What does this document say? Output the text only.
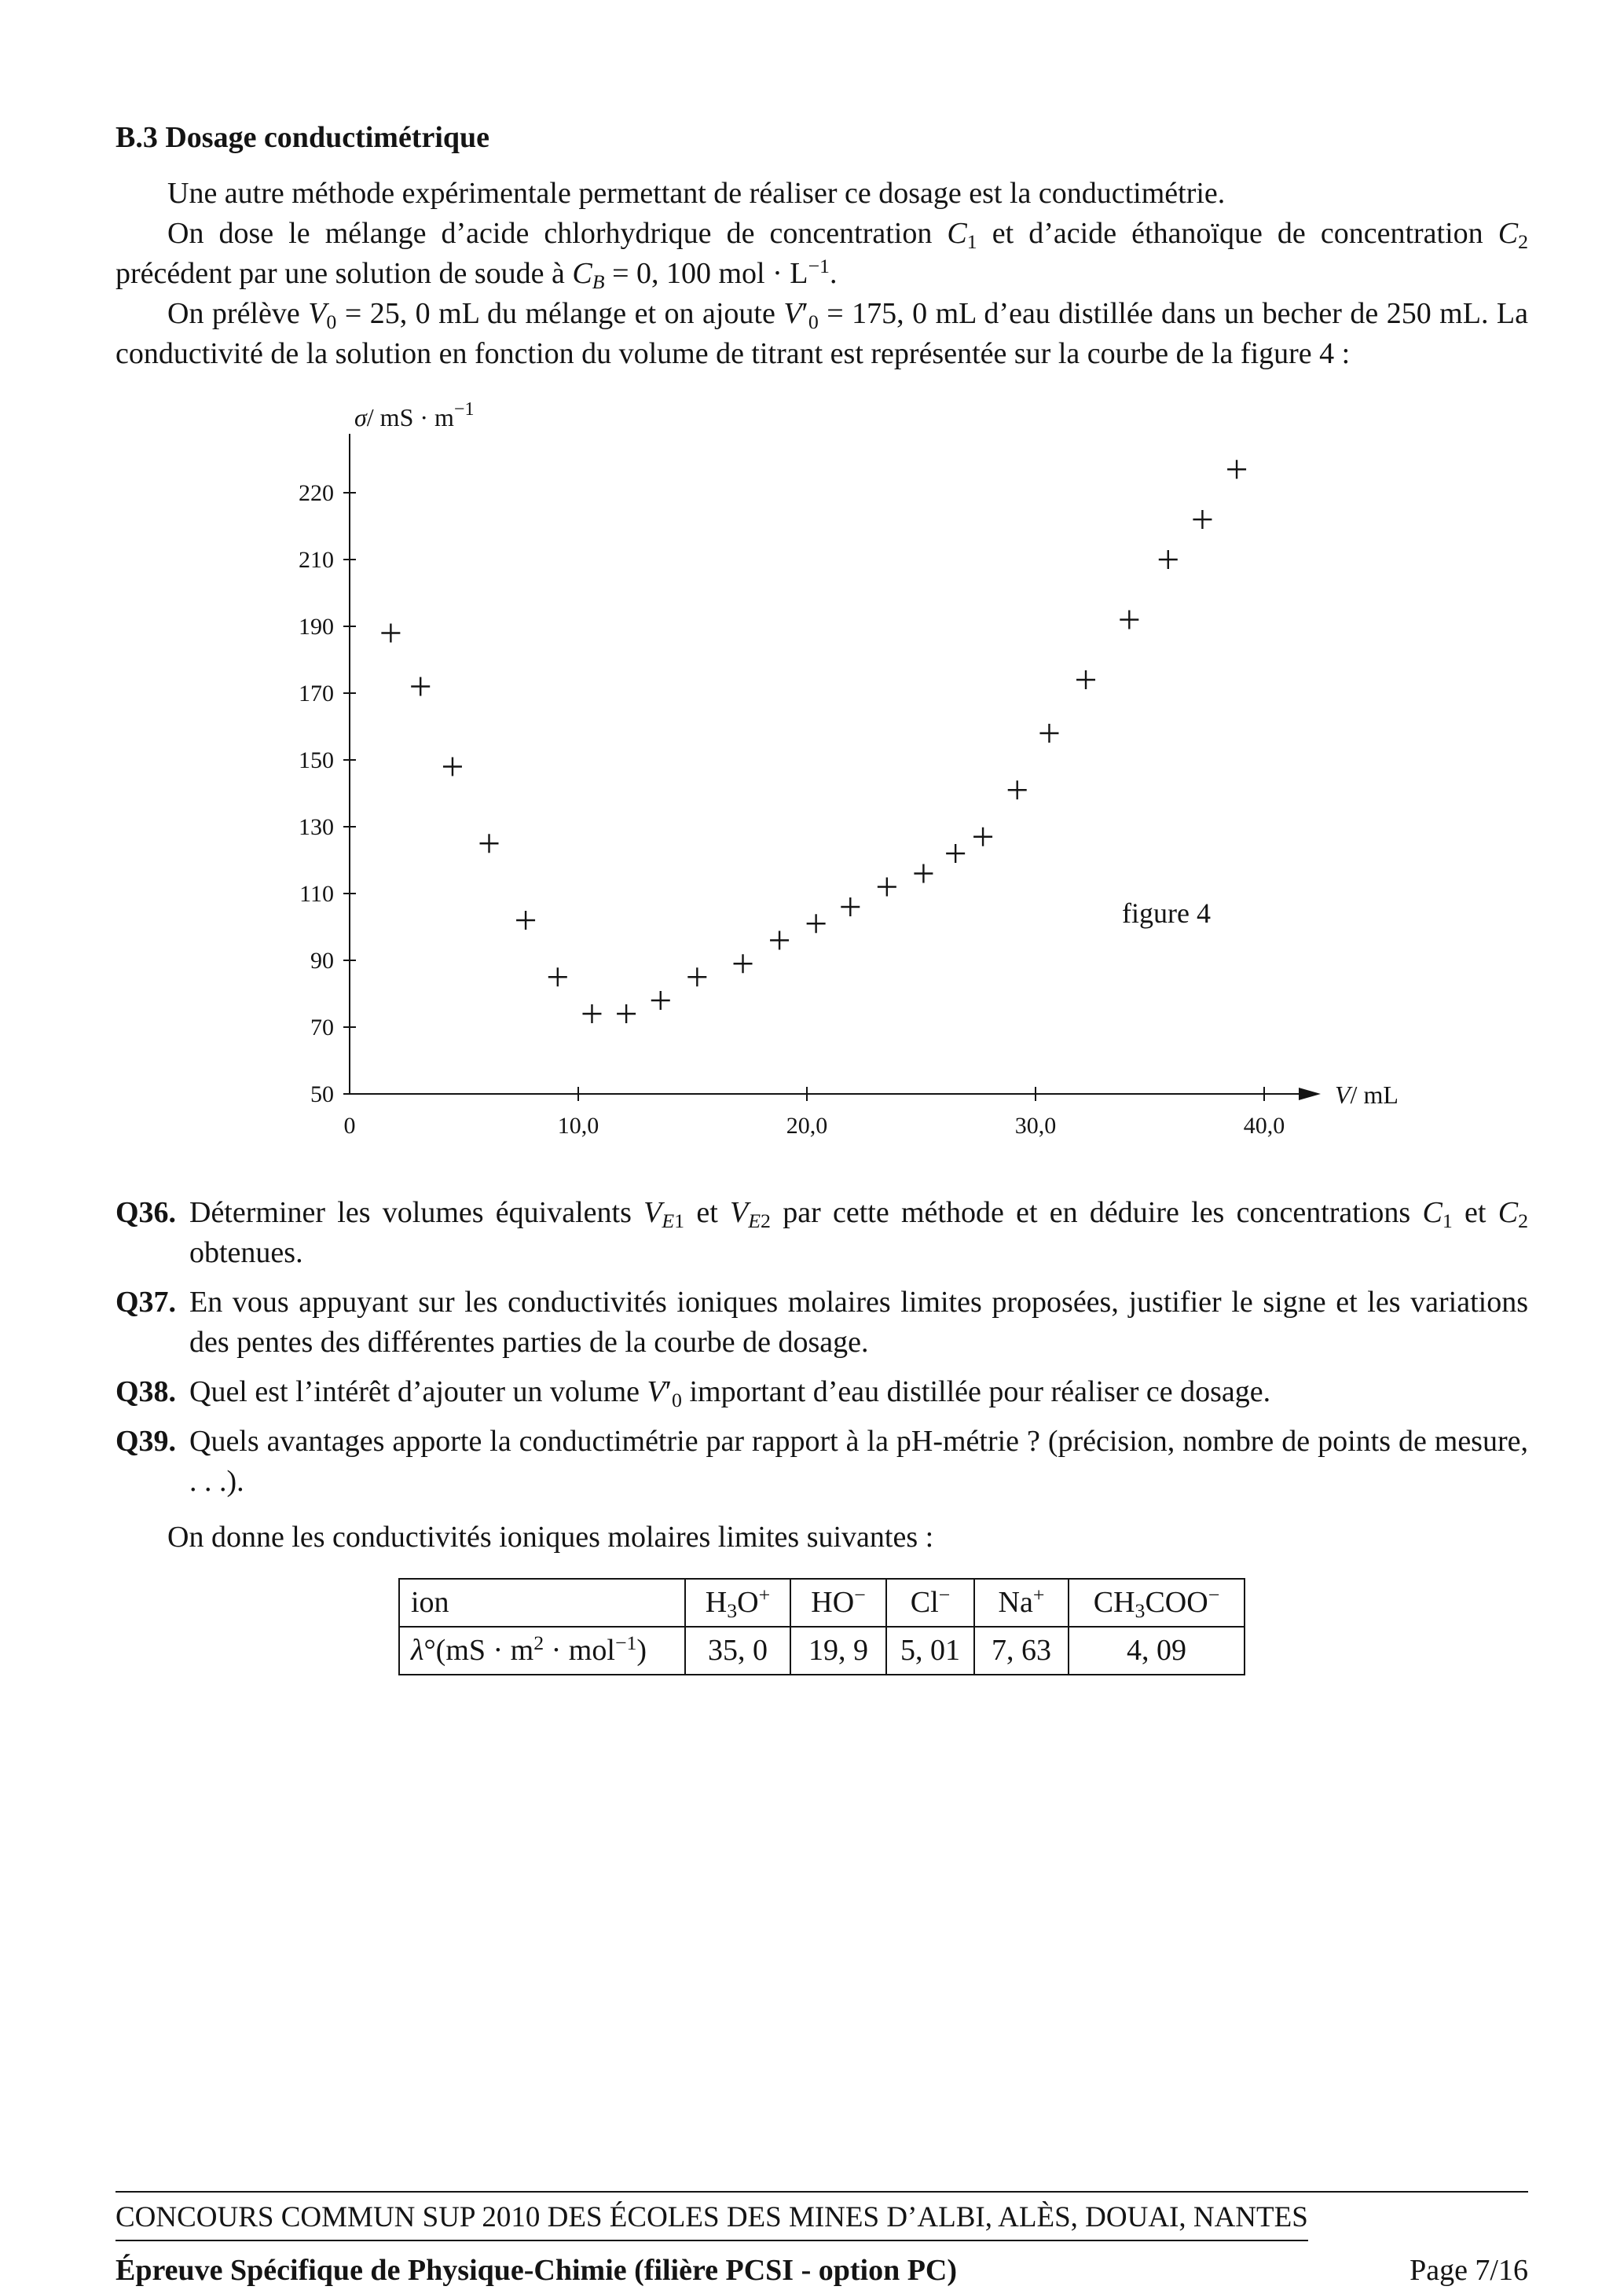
B.3 Dosage conductimétrique

Une autre méthode expérimentale permettant de réaliser ce dosage est la conductimétrie.

On dose le mélange d’acide chlorhydrique de concentration $C_1$ et d’acide éthanoïque de concentration $C_2$ précédent par une solution de soude à $C_B = 0$, 100 mol · $L^{-1}$.

On prélève $V_0 = 25$, 0 mL du mélange et on ajoute $V'_0 = 175$, 0 mL d’eau distillée dans un becher de 250 mL. La conductivité de la solution en fonction du volume de titrant est représentée sur la courbe de la figure 4 :

0	10,0	20,0	30,0	40,0
50
70
90
110
130
150
170
190
210
220
σ/ mS · $m^{-1}$
V/ mL
figure 4
Q36. Déterminer les volumes équivalents $V_{E1}$ et $V_{E2}$ par cette méthode et en déduire les concentrations $C_1$ et $C_2$ obtenues.
Q37. En vous appuyant sur les conductivités ioniques molaires limites proposées, justifier le signe et les variations des pentes des différentes parties de la courbe de dosage.
Q38. Quel est l’intérêt d’ajouter un volume $V'_0$ important d’eau distillée pour réaliser ce dosage.
Q39. Quels avantages apporte la conductimétrie par rapport à la pH-métrie ? (précision, nombre de points de mesure, . . .).

On donne les conductivités ioniques molaires limites suivantes :

ion	$H_3O^+$	HO−	Cl−	Na+	$CH_3COO^-$
$\lambda^\circ(mS \cdot m^2 \cdot mol^{-1})$	35, 0	19, 9	5, 01	7, 63	4, 09
CONCOURS COMMUN SUP 2010 DES ÉCOLES DES MINES D’ALBI, ALÈS, DOUAI, NANTES
Épreuve Spécifique de Physique-Chimie (filière PCSI - option PC)	Page 7/16
